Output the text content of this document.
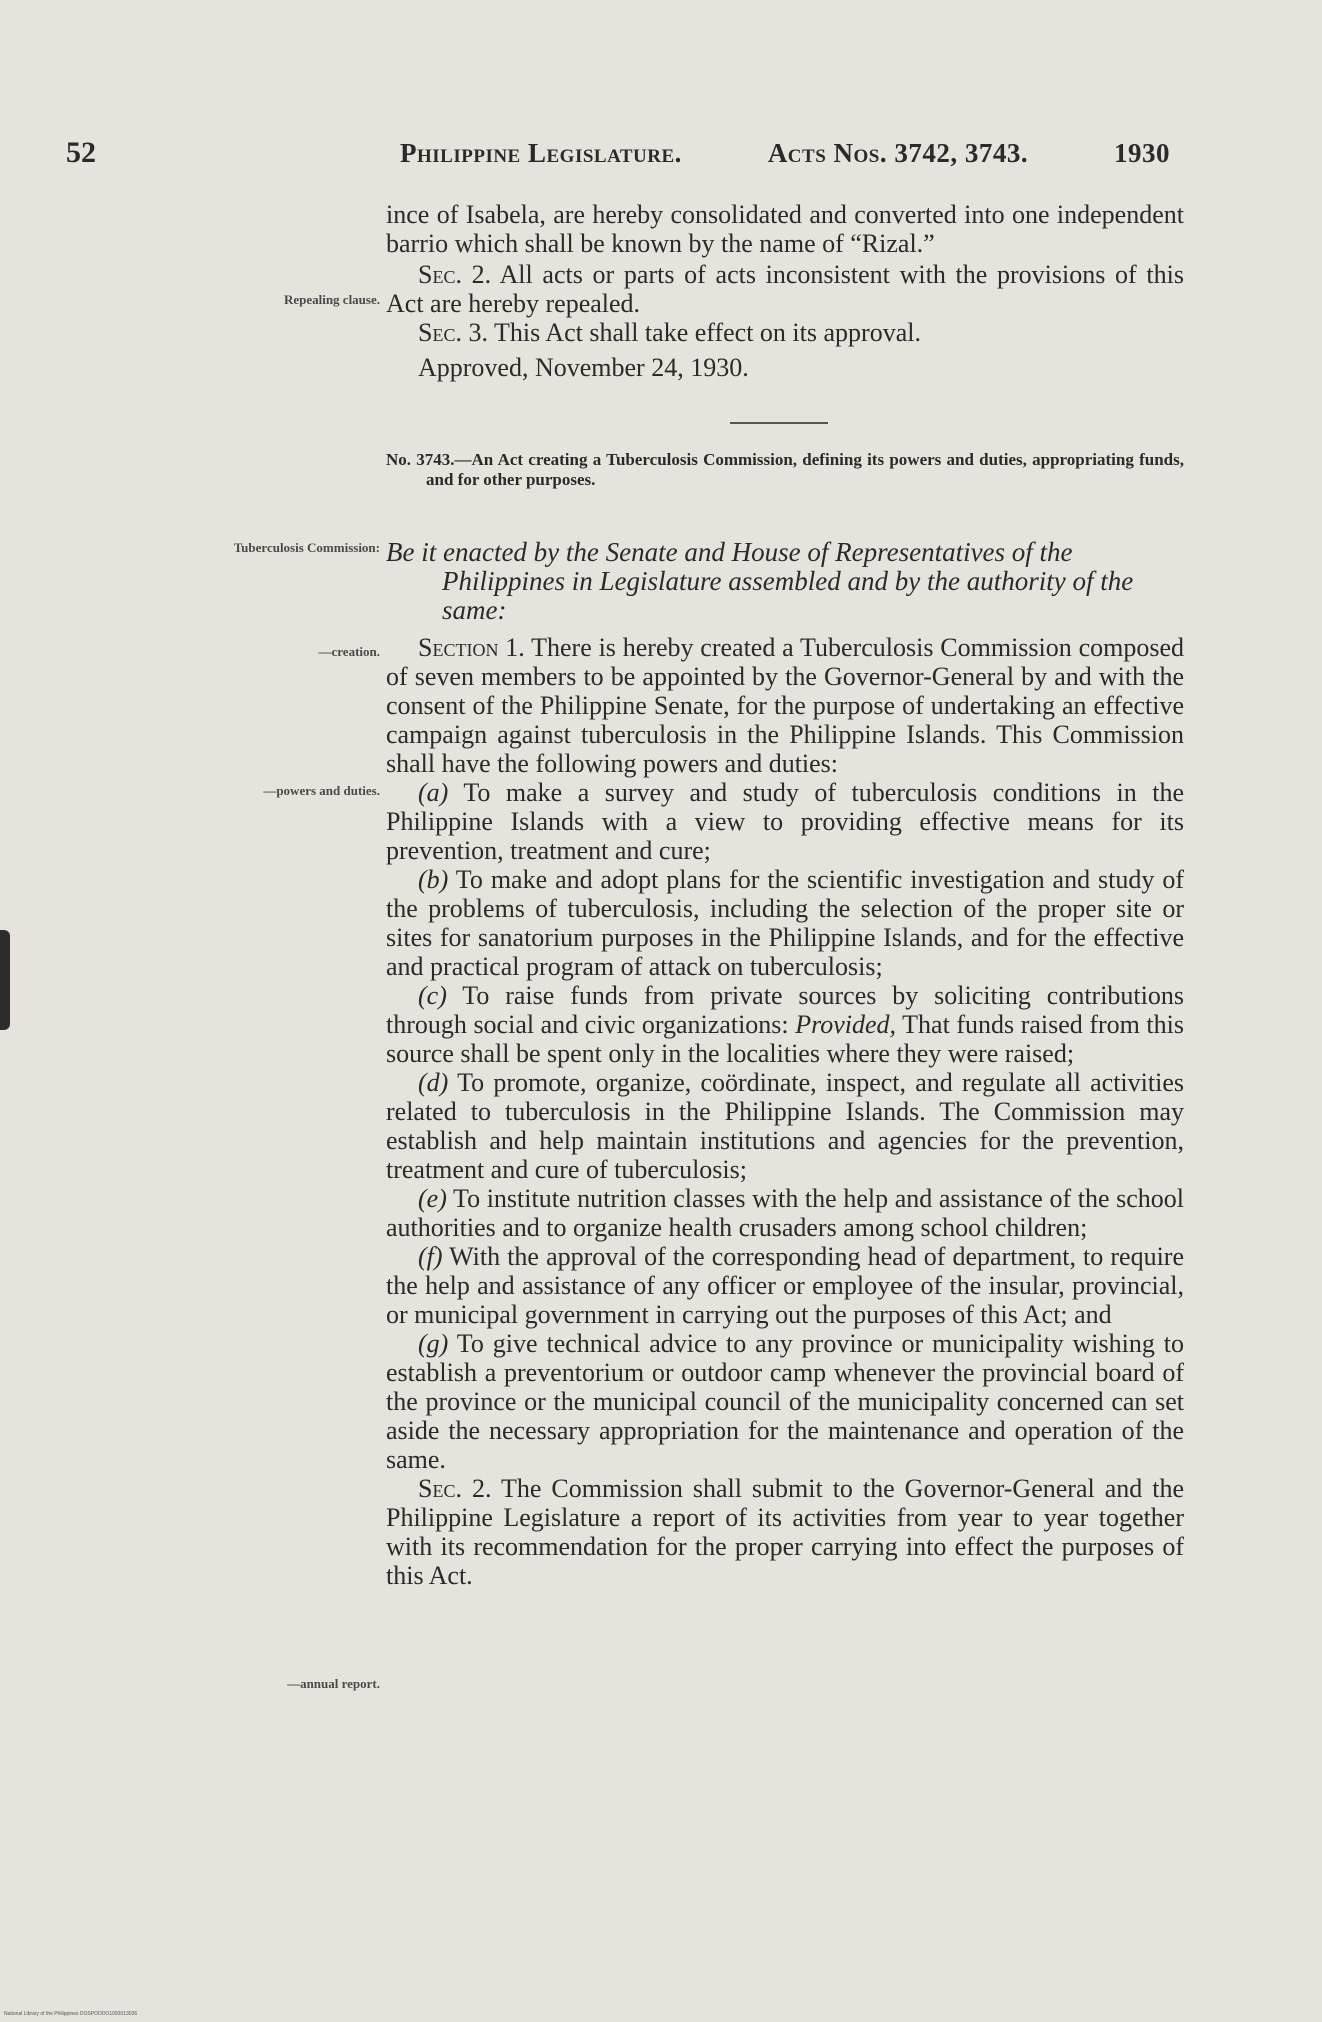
52	Philippine Legislature.	Acts Nos. 3742, 3743.	1930
Repealing clause.
Tuberculosis Commission:
—creation.
—powers and duties.
—annual report.

ince of Isabela, are hereby consolidated and converted into one independent barrio which shall be known by the name of “Rizal.”

Sec. 2. All acts or parts of acts inconsistent with the provisions of this Act are hereby repealed.

Sec. 3. This Act shall take effect on its approval.

Approved, November 24, 1930.

No. 3743.—An Act creating a Tuberculosis Commission, defining its powers and duties, appropriating funds, and for other purposes.
Be it enacted by the Senate and House of Representatives of the Philippines in Legislature assembled and by the authority of the same:

Section 1. There is hereby created a Tuberculosis Commission composed of seven members to be appointed by the Governor-General by and with the consent of the Philippine Senate, for the purpose of undertaking an effective campaign against tuberculosis in the Philippine Islands. This Commission shall have the following powers and duties:

(a) To make a survey and study of tuberculosis conditions in the Philippine Islands with a view to providing effective means for its prevention, treatment and cure;

(b) To make and adopt plans for the scientific investigation and study of the problems of tuberculosis, including the selection of the proper site or sites for sanatorium purposes in the Philippine Islands, and for the effective and practical program of attack on tuberculosis;

(c) To raise funds from private sources by soliciting contributions through social and civic organizations: Provided, That funds raised from this source shall be spent only in the localities where they were raised;

(d) To promote, organize, coördinate, inspect, and regulate all activities related to tuberculosis in the Philippine Islands. The Commission may establish and help maintain institutions and agencies for the prevention, treatment and cure of tuberculosis;

(e) To institute nutrition classes with the help and assistance of the school authorities and to organize health crusaders among school children;

(f) With the approval of the corresponding head of department, to require the help and assistance of any officer or employee of the insular, provincial, or municipal government in carrying out the purposes of this Act; and

(g) To give technical advice to any province or municipality wishing to establish a preventorium or outdoor camp whenever the provincial board of the province or the municipal council of the municipality concerned can set aside the necessary appropriation for the maintenance and operation of the same.

Sec. 2. The Commission shall submit to the Governor-General and the Philippine Legislature a report of its activities from year to year together with its recommendation for the proper carrying into effect the purposes of this Act.

National Library of the Philippines DOSPOODO1093013036
